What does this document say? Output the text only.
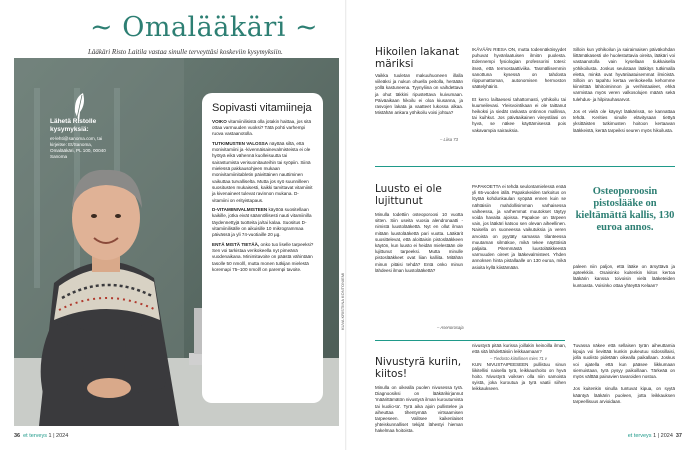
~ Omalääkäri ~
Lääkäri Risto Laitila vastaa sinulle terveyttäsi koskeviin kysymyksiin.
Lähetä Ristolle kysymyksiä:
et-lehti@sanoma.com, tai kirjeitse: Et/Sanoma, Omalääkäri, PL 100, 00040 Sanoma
Sopivasti vitamiineja

VOIKO vitamiinilisistä olla jotakin haittaa, jos sitä ottaa varmuuden vuoksi? Tätä pohti varhempi ruova vastaanotolla.

TUTKIMUSTEN VALOSSA näyttää siltä, että monivitamiini ja -kivennäisainevalmisteista ei ole hyötyä eikä vähennä kuolleisuutta tai sairastumista verisuonitauteihin tai syöpiin. Siinä mielessä pakkausohjeen mukaan monivitamiinitabletin päivittäinen nauttiminen vaikuttaa turvalliselta. Mutta jos syö suunnilleen suositusten mukaisesti, kaikki tarvittavat vitamiinit ja kivenaineet tulevat ravinnon mukana. D-vitamiini on erityistapaus.

D-VITAMIINIVALMISTEEN käyttöä suositellaan kaikille, jotka eivät säännöllisesti nauti vitamiinilla täydennettyjä tuotteita ja/tai kalaa. Suositus D-vitamiinilisälle on aikuisille 10 mikrogrammaa päivässä ja yli 74-vuotiaille 20 µg.

ENTÄ MISTÄ TIETÄÄ, onko tuo liselle tarpeeksi? Sen voi tarkistaa verikokeella nyt pimeänä vuodenaikana. Minimitavoite on päästä vähintään tasolle 50 nmol/l, mutta monen tutkijan mielestä koremapi 75–100 nmol/l on parempi tavoite.

KUVA KRISTIINA KONTONIEMI
36 et terveys 1 | 2024
Hikoilen lakanat märiksi
Vaikka tuuletan makuuhuoneen illalla viileäksi ja nukun ohuella peitolla, heräään yöllä kastuneena. Tyynyliina on vaihdettava ja ohut täkkini ripustettava kuivumaan. Päiväaikaan hikoilu ei oloa kiusanna, ja rasvojen lakata ja vaatteet lukossa alkaa. Mistähän ankara yöhikoilu voisi johtua?
– Liisa 73
IKÄVÄÄN RIESA ON, mutta todennäköisyydet puhuvat hyvänlaatuisen ilmiön puolesta. Edennempi fysiologian professorini totesi: itseä, että termostaattiviika. Tasmällisemmin sanottuna kysessä on tahdosta riippumattoman, autonomisen hermoston säätelyhäiriö.

Et kerro lailtaesesi tahattomasti, yöhikoilu tai kuumeilevasi. Yleisvointikaan ei ole taittanut heikoksi ja siedät raskasta ontinnon mallinsa, tai kuihkut. Jos päiväaikainen vireystilasi on hyvä, se näkee käyttämisessä pois vakavampia sairauksia.
Silloin kun yöhikoilun ja sairaimaisen päiväkohdan liittämäkasesti ole huolestuttavia oireita, lääkäri voi vastaanotolla vain kysellaan tiukkaisella yöhikoilusta. Joskus seulotaan lääkitys tutkimalla eletta, minkä ovat hyvänlaatuisemmat ilmiöistä. Silloin on tapahtu kertaa verikokeella kehomme kiinnittää lähitoiminnon ja verihistaaleet, ehkä varmistaa myös veren valkosolujen määrä sekä tulehdus- ja hilpirauhasarvot.

Jos et vielä ole käynyt lääkärissä, se kannattaa tehdä. Kerities sinulle elävitysaan tiettyä yksittäisten tutkimusten hoitoon kertaavan lääkkeistä, kerää tarpeiksi seuren myös hikoilusta.
Luusto ei ole lujittunut
Minulla todettiin osteoporoosi 10 vuotta sitten. Siin useita vuosia alendronaatti -nimistä luustolääkettä. Nyt en ollut ilman mitään luustolääkettä pari vuotta. Lääkärit suosittelevat, että aloittaisin pistoslääkkeen käytön, kun luusto ei heidän mielestään ole lujittunut tarpeeksi. Mutta minulle pistoslääkkeet ovat liian kalliita. Mitähän minun pitäisi tehdä? Entä onko minun lähdeesi ilman luustolääkettä?
– Asenorosaja
PAPAKOETTA ei tehdä seulontamielessä enää yli 65-vuoden iällä. Papakokeiden tarkoitus on löytää kohdunkaulan syöpää ennen kuin se nähtäisiin mahdollisimman varhaisessa vaiheessa, ja varhemmat muutokset täytyy voida havaita ajoissa. Papakoe on tärpeen vain, jos lääkäri katsoo sen olevan aiheellinen. Naisella on suoneessa vaikutuksia ja veren arvoista on pyytäty samassa tilanteessa muutaman silmäkoe, mikä tekee näyttöisiä paljaita. Pitemmästä luustolääkkeestä varmuuden oireet ja lääkevalmisteet. Yhden annoksen hinta pistallaalle on 130 euroa, mikä asioita kyllä kiistämään.
Osteoporoosin pistoslääke on kieltämättä kallis, 130 euroa annos.
paleen niin paljon, että lääke on ärsyttävä ja apteekkiin. Osaisinko kuitenkin kiitos kertoa lääkärin kanssa toivoisin vielä lääketeiden kuntoasta. Voisinko ottaa yhteyttä Kelaan?
Nivustyrä kuriin, kiitos!
Minulla on oikealla puolen nivusessa tyrä. Diagnoosiksi on lääkärikirjannut 'määrittämätön nivustyrä ilman kuroutumista tai kuolio-ta'. Tyrä aika ajoin pullistelee ja aiheuttaa tihentymää virtsaamisen tarpeeseen. Valitsee kaikenlaiset yhteiskunnalliset tekijät lähestyi hieman hakelmaa hoitoista.
nivustyrä pitää kurissa joillakin keinoilla ilman, että sitä lähdettäisiin leikkaamaan?

KUN NIVUSTAIPEESEEN pullistuu sinun liikitellisi naisella tyrä, leikkaushoito on hyvä hoito. Nivustyrä voiksen olla niin samoista syistä, joka kuroutua ja tyrä vaatii siihen leikkaukseen.
– Tiedosto kiitollinen mies 71 v
Tuvassa näkee että sellaisen tyrän aiheuttamia kipuja voi lievittää kunkin pukeutuu sidossillaisi, jolla suolisto pidetään oikealla paikallaan. Joskus voi ajatella että kun pääsee liikkumaan siemuistaan, tyrä pysyy paikoillaan. Tärkeää on myös välttää painavien tavaroiden nostoa.

Jos kuitenkin sinulla tuntuvat kipua, on syytä kääntyä lääkärin puoleen, jotta leikkauksen tarpeellisuus arvioidaan.
et terveys 1 | 2024 37
